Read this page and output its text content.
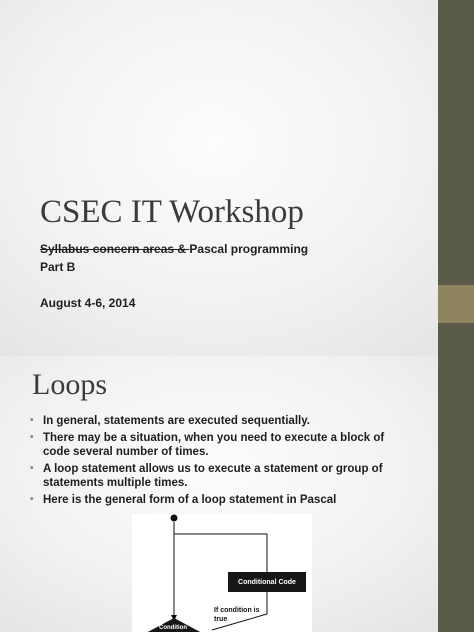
CSEC IT Workshop
Syllabus concern areas & Pascal programming
Part B
August 4-6, 2014
Loops
• In general, statements are executed sequentially.
• There may be a situation, when you need to execute a block of code several number of times.
• A loop statement allows us to execute a statement or group of statements multiple times.
• Here is the general form of a loop statement in Pascal
Conditional Code
If condition is true
Condition
